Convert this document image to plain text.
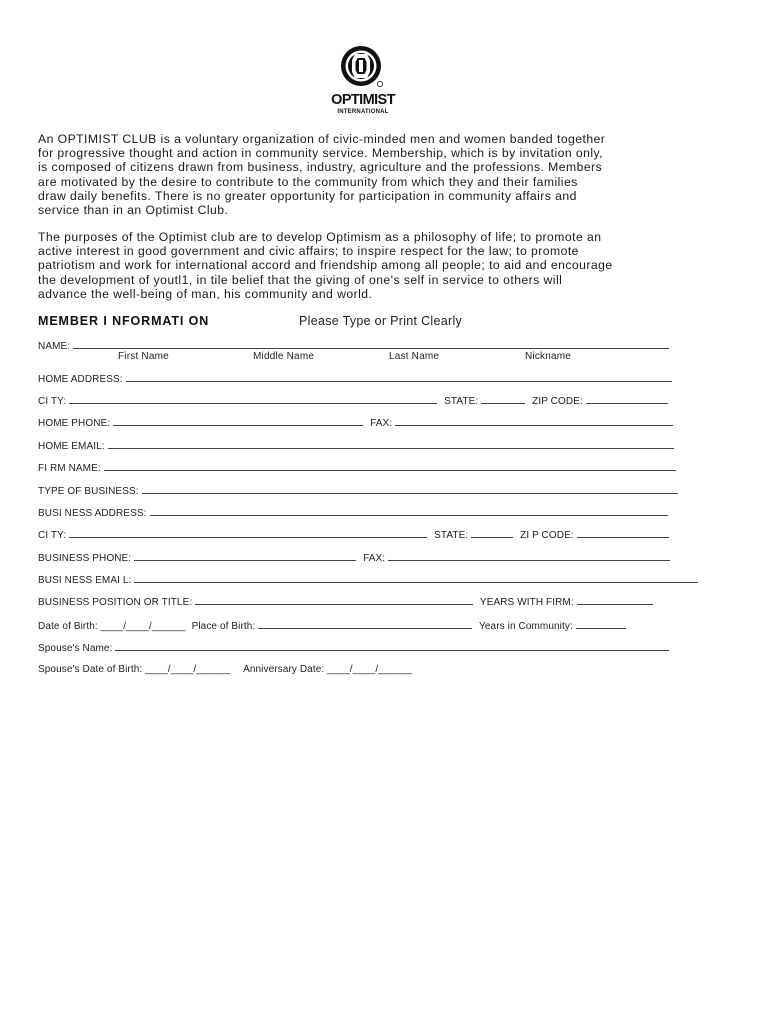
OPTIMIST
INTERNATIONAL

An OPTIMIST CLUB is a voluntary organization of civic-minded men and women banded together
for progressive thought and action in community service. Membership, which is by invitation only,
is composed of citizens drawn from business, industry, agriculture and the professions. Members
are motivated by the desire to contribute to the community from which they and their families
draw daily benefits. There is no greater opportunity for participation in community affairs and
service than in an Optimist Club.

The purposes of the Optimist club are to develop Optimism as a philosophy of life; to promote an
active interest in good government and civic affairs; to inspire respect for the law; to promote
patriotism and work for international accord and friendship among all people; to aid and encourage
the development of youtl1, in tile belief that the giving of one's self in service to others will
advance the well-being of man, his community and world.

MEMBER I NFORMATI ON	Please Type or Print Clearly
NAME:
First Name	Middle Name	Last Name	Nickname
HOME ADDRESS:
CI TY:	STATE:	ZIP CODE:
HOME PHONE:	FAX:
HOME EMAIL:
FI RM NAME:
TYPE OF BUSINESS:
BUSI NESS ADDRESS:
CI TY:	STATE:	ZI P CODE:
BUSINESS PHONE:	FAX:
BUSI NESS EMAI L:
BUSINESS POSITION OR TITLE:	YEARS WITH FIRM:
Date of Birth: ____/____/______ Place of Birth:	Years in Community:
Spouse's Name:
Spouse's Date of Birth: ____/____/______ Anniversary Date: ____/____/______
